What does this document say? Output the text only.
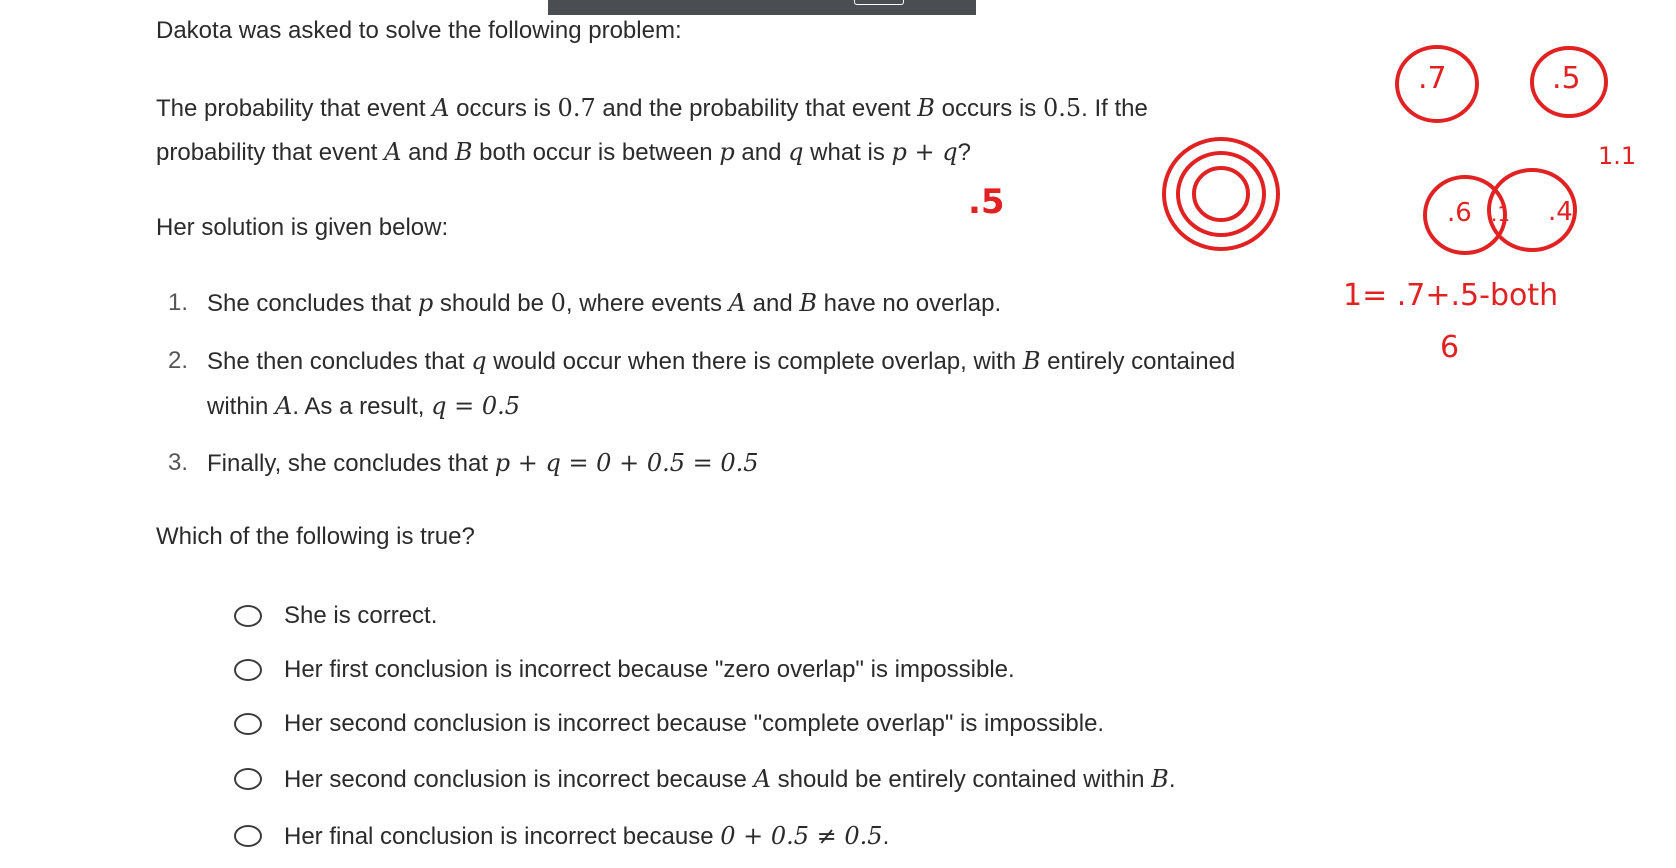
Dakota was asked to solve the following problem:
The probability that event A occurs is 0.7 and the probability that event B occurs is 0.5. If the
probability that event A and B both occur is between p and q what is p + q?
Her solution is given below:
1. She concludes that p should be 0, where events A and B have no overlap.
2. She then concludes that q would occur when there is complete overlap, with B entirely contained
within A. As a result, q = 0.5
3. Finally, she concludes that p + q = 0 + 0.5 = 0.5
Which of the following is true?
She is correct.
Her first conclusion is incorrect because "zero overlap" is impossible.
Her second conclusion is incorrect because "complete overlap" is impossible.
Her second conclusion is incorrect because A should be entirely contained within B.
Her final conclusion is incorrect because 0 + 0.5 ≠ 0.5.
.5
.7	.5
1.1
.6 .1 .4
1= .7+.5-both
6
